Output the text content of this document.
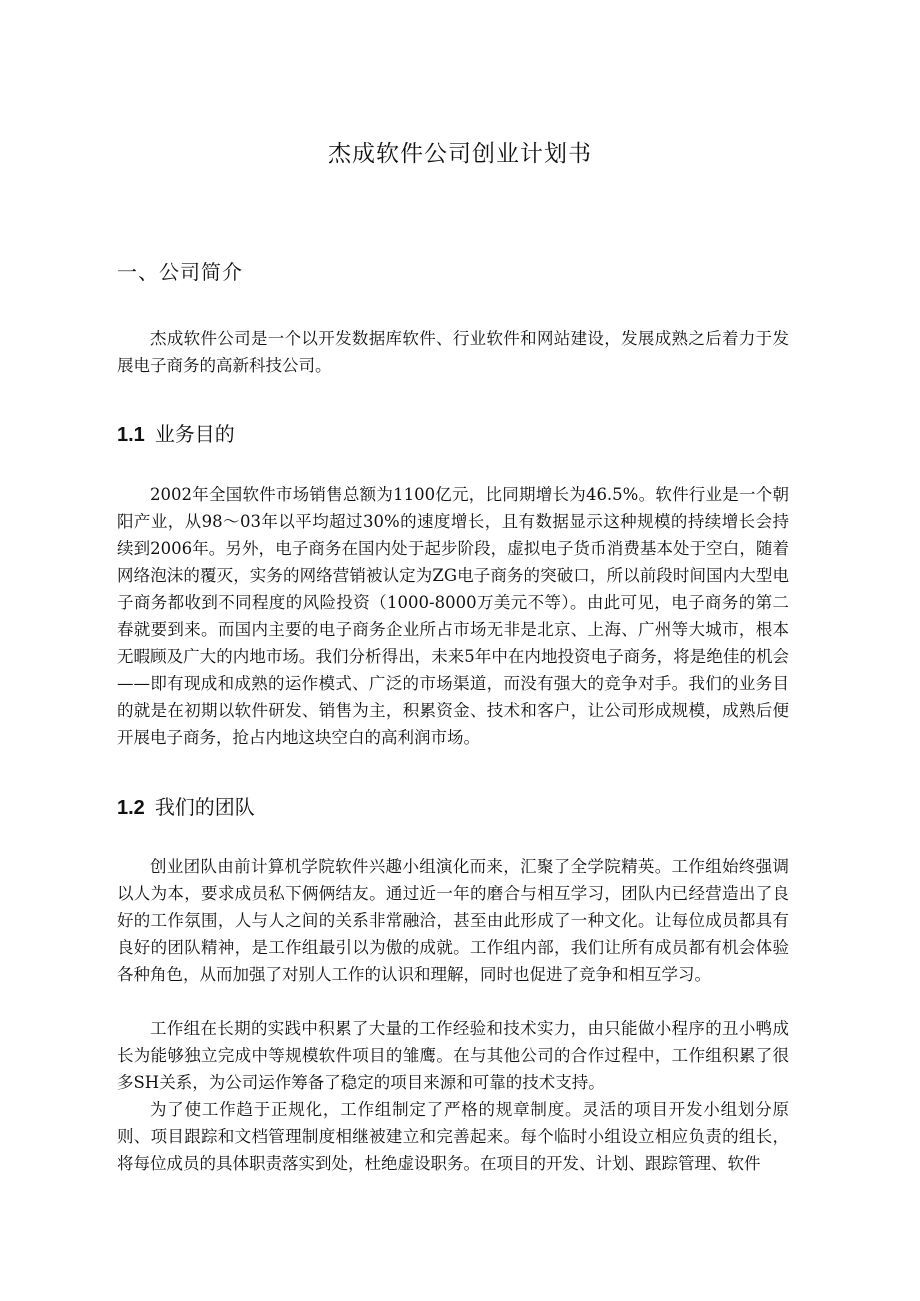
杰成软件公司创业计划书
一、公司简介

杰成软件公司是一个以开发数据库软件、行业软件和网站建设，发展成熟之后着力于发展电子商务的高新科技公司。

1.1 业务目的

2002年全国软件市场销售总额为1100亿元，比同期增长为46.5%。软件行业是一个朝阳产业，从98～03年以平均超过30%的速度增长，且有数据显示这种规模的持续增长会持续到2006年。另外，电子商务在国内处于起步阶段，虚拟电子货币消费基本处于空白，随着网络泡沫的覆灭，实务的网络营销被认定为ZG电子商务的突破口，所以前段时间国内大型电子商务都收到不同程度的风险投资（1000-8000万美元不等）。由此可见，电子商务的第二春就要到来。而国内主要的电子商务企业所占市场无非是北京、上海、广州等大城市，根本无暇顾及广大的内地市场。我们分析得出，未来5年中在内地投资电子商务，将是绝佳的机会——即有现成和成熟的运作模式、广泛的市场渠道，而没有强大的竞争对手。我们的业务目的就是在初期以软件研发、销售为主，积累资金、技术和客户，让公司形成规模，成熟后便开展电子商务，抢占内地这块空白的高利润市场。

1.2 我们的团队

创业团队由前计算机学院软件兴趣小组演化而来，汇聚了全学院精英。工作组始终强调以人为本，要求成员私下俩俩结友。通过近一年的磨合与相互学习，团队内已经营造出了良好的工作氛围，人与人之间的关系非常融洽，甚至由此形成了一种文化。让每位成员都具有良好的团队精神，是工作组最引以为傲的成就。工作组内部，我们让所有成员都有机会体验各种角色，从而加强了对别人工作的认识和理解，同时也促进了竞争和相互学习。

工作组在长期的实践中积累了大量的工作经验和技术实力，由只能做小程序的丑小鸭成长为能够独立完成中等规模软件项目的雏鹰。在与其他公司的合作过程中，工作组积累了很多SH关系，为公司运作筹备了稳定的项目来源和可靠的技术支持。

为了使工作趋于正规化，工作组制定了严格的规章制度。灵活的项目开发小组划分原则、项目跟踪和文档管理制度相继被建立和完善起来。每个临时小组设立相应负责的组长，将每位成员的具体职责落实到处，杜绝虚设职务。在项目的开发、计划、跟踪管理、软件
